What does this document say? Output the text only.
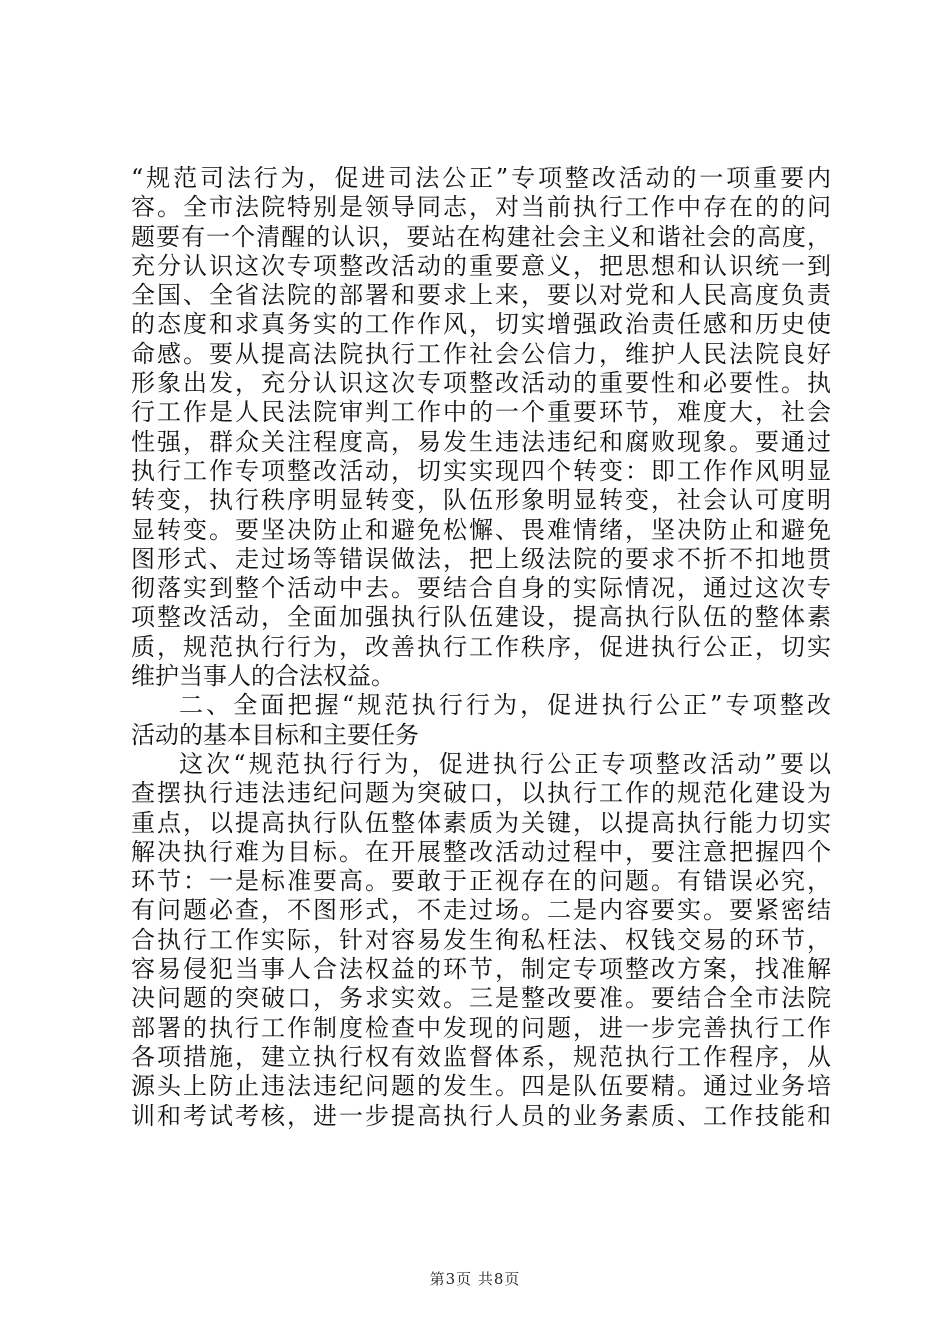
“规范司法行为，促进司法公正”专项整改活动的一项重要内
容。全市法院特别是领导同志，对当前执行工作中存在的的问
题要有一个清醒的认识，要站在构建社会主义和谐社会的高度，
充分认识这次专项整改活动的重要意义，把思想和认识统一到
全国、全省法院的部署和要求上来，要以对党和人民高度负责
的态度和求真务实的工作作风，切实增强政治责任感和历史使
命感。要从提高法院执行工作社会公信力，维护人民法院良好
形象出发，充分认识这次专项整改活动的重要性和必要性。执
行工作是人民法院审判工作中的一个重要环节，难度大，社会
性强，群众关注程度高，易发生违法违纪和腐败现象。要通过
执行工作专项整改活动，切实实现四个转变：即工作作风明显
转变，执行秩序明显转变，队伍形象明显转变，社会认可度明
显转变。要坚决防止和避免松懈、畏难情绪，坚决防止和避免
图形式、走过场等错误做法，把上级法院的要求不折不扣地贯
彻落实到整个活动中去。要结合自身的实际情况，通过这次专
项整改活动，全面加强执行队伍建设，提高执行队伍的整体素
质，规范执行行为，改善执行工作秩序，促进执行公正，切实
维护当事人的合法权益。
二、全面把握“规范执行行为，促进执行公正”专项整改
活动的基本目标和主要任务
这次“规范执行行为，促进执行公正专项整改活动”要以
查摆执行违法违纪问题为突破口，以执行工作的规范化建设为
重点，以提高执行队伍整体素质为关键，以提高执行能力切实
解决执行难为目标。在开展整改活动过程中，要注意把握四个
环节：一是标准要高。要敢于正视存在的问题。有错误必究，
有问题必查，不图形式，不走过场。二是内容要实。要紧密结
合执行工作实际，针对容易发生徇私枉法、权钱交易的环节，
容易侵犯当事人合法权益的环节，制定专项整改方案，找准解
决问题的突破口，务求实效。三是整改要准。要结合全市法院
部署的执行工作制度检查中发现的问题，进一步完善执行工作
各项措施，建立执行权有效监督体系，规范执行工作程序，从
源头上防止违法违纪问题的发生。四是队伍要精。通过业务培
训和考试考核，进一步提高执行人员的业务素质、工作技能和
第3页 共8页
